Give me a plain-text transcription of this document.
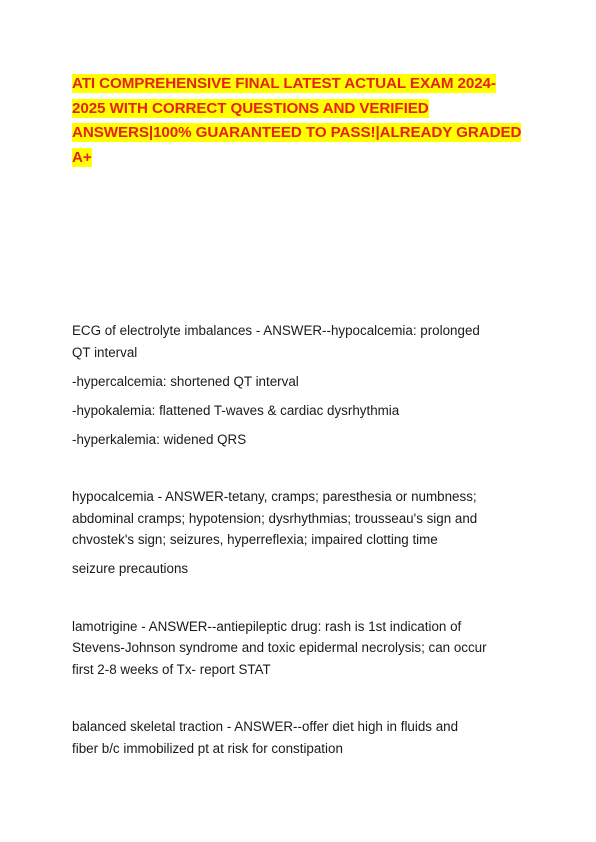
ATI COMPREHENSIVE FINAL LATEST ACTUAL EXAM 2024-
2025 WITH CORRECT QUESTIONS AND VERIFIED
ANSWERS|100% GUARANTEED TO PASS!|ALREADY GRADED
A+
ECG of electrolyte imbalances - ANSWER--hypocalcemia: prolonged
QT interval
-hypercalcemia: shortened QT interval
-hypokalemia: flattened T-waves & cardiac dysrhythmia
-hyperkalemia: widened QRS
hypocalcemia - ANSWER-tetany, cramps; paresthesia or numbness;
abdominal cramps; hypotension; dysrhythmias; trousseau's sign and
chvostek's sign; seizures, hyperreflexia; impaired clotting time
seizure precautions
lamotrigine - ANSWER--antiepileptic drug: rash is 1st indication of
Stevens-Johnson syndrome and toxic epidermal necrolysis; can occur
first 2-8 weeks of Tx- report STAT
balanced skeletal traction - ANSWER--offer diet high in fluids and
fiber b/c immobilized pt at risk for constipation
